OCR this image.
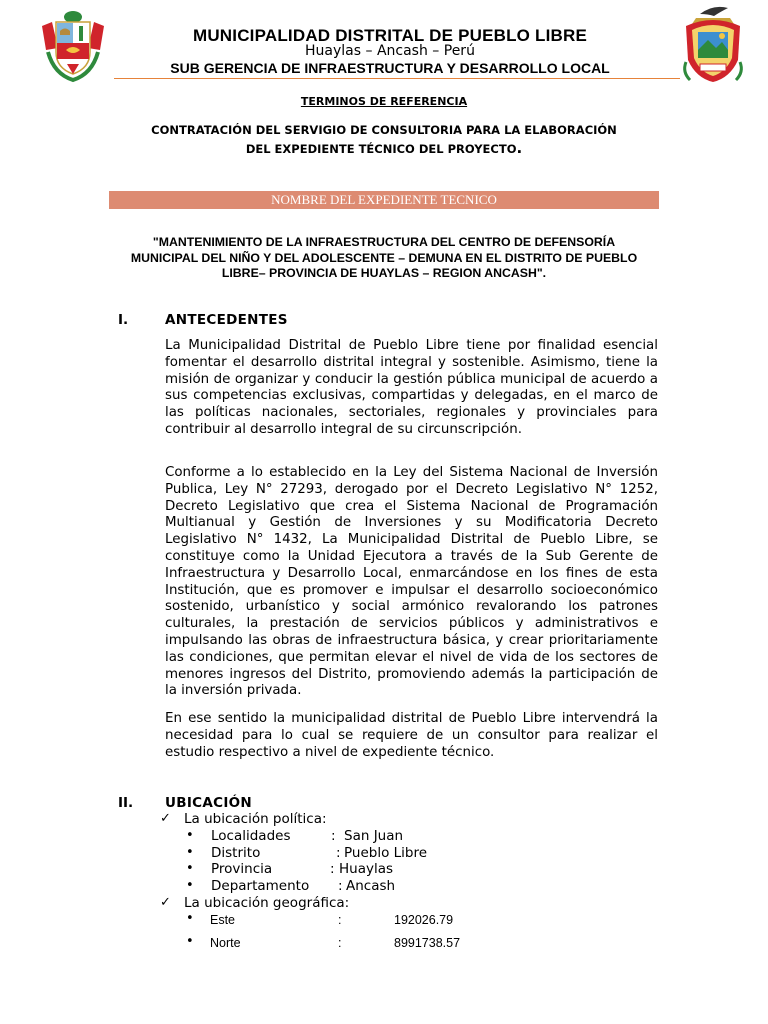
MUNICIPALIDAD DISTRITAL DE PUEBLO LIBRE
Huaylas – Ancash – Perú
SUB GERENCIA DE INFRAESTRUCTURA Y DESARROLLO LOCAL
TERMINOS DE REFERENCIA
CONTRATACIÓN DEL SERVIGIO DE CONSULTORIA PARA LA ELABORACIÓN
DEL EXPEDIENTE TÉCNICO DEL PROYECTO.
NOMBRE DEL EXPEDIENTE TECNICO
"MANTENIMIENTO DE LA INFRAESTRUCTURA DEL CENTRO DE DEFENSORÍA
MUNICIPAL DEL NIÑO Y DEL ADOLESCENTE – DEMUNA EN EL DISTRITO DE PUEBLO
LIBRE– PROVINCIA DE HUAYLAS – REGION ANCASH".
I.	ANTECEDENTES
La Municipalidad Distrital de Pueblo Libre tiene por finalidad esencial fomentar el desarrollo distrital integral y sostenible. Asimismo, tiene la misión de organizar y conducir la gestión pública municipal de acuerdo a sus competencias exclusivas, compartidas y delegadas, en el marco de las políticas nacionales, sectoriales, regionales y provinciales para contribuir al desarrollo integral de su circunscripción.
Conforme a lo establecido en la Ley del Sistema Nacional de Inversión Publica, Ley N° 27293, derogado por el Decreto Legislativo N° 1252, Decreto Legislativo que crea el Sistema Nacional de Programación Multianual y Gestión de Inversiones y su Modificatoria Decreto Legislativo N° 1432, La Municipalidad Distrital de Pueblo Libre, se constituye como la Unidad Ejecutora a través de la Sub Gerente de Infraestructura y Desarrollo Local, enmarcándose en los fines de esta Institución, que es promover e impulsar el desarrollo socioeconómico sostenido, urbanístico y social armónico revalorando los patrones culturales, la prestación de servicios públicos y administrativos e impulsando las obras de infraestructura básica, y crear prioritariamente las condiciones, que permitan elevar el nivel de vida de los sectores de menores ingresos del Distrito, promoviendo además la participación de la inversión privada.
En ese sentido la municipalidad distrital de Pueblo Libre intervendrá la necesidad para lo cual se requiere de un consultor para realizar el estudio respectivo a nivel de expediente técnico.
II. UBICACIÓN
✓ La ubicación política:
• Localidades	: San Juan
• Distrito	: Pueblo Libre
• Provincia	: Huaylas
• Departamento : Ancash
✓ La ubicación geográfica:
• Este	:	192026.79
• Norte	:	8991738.57
